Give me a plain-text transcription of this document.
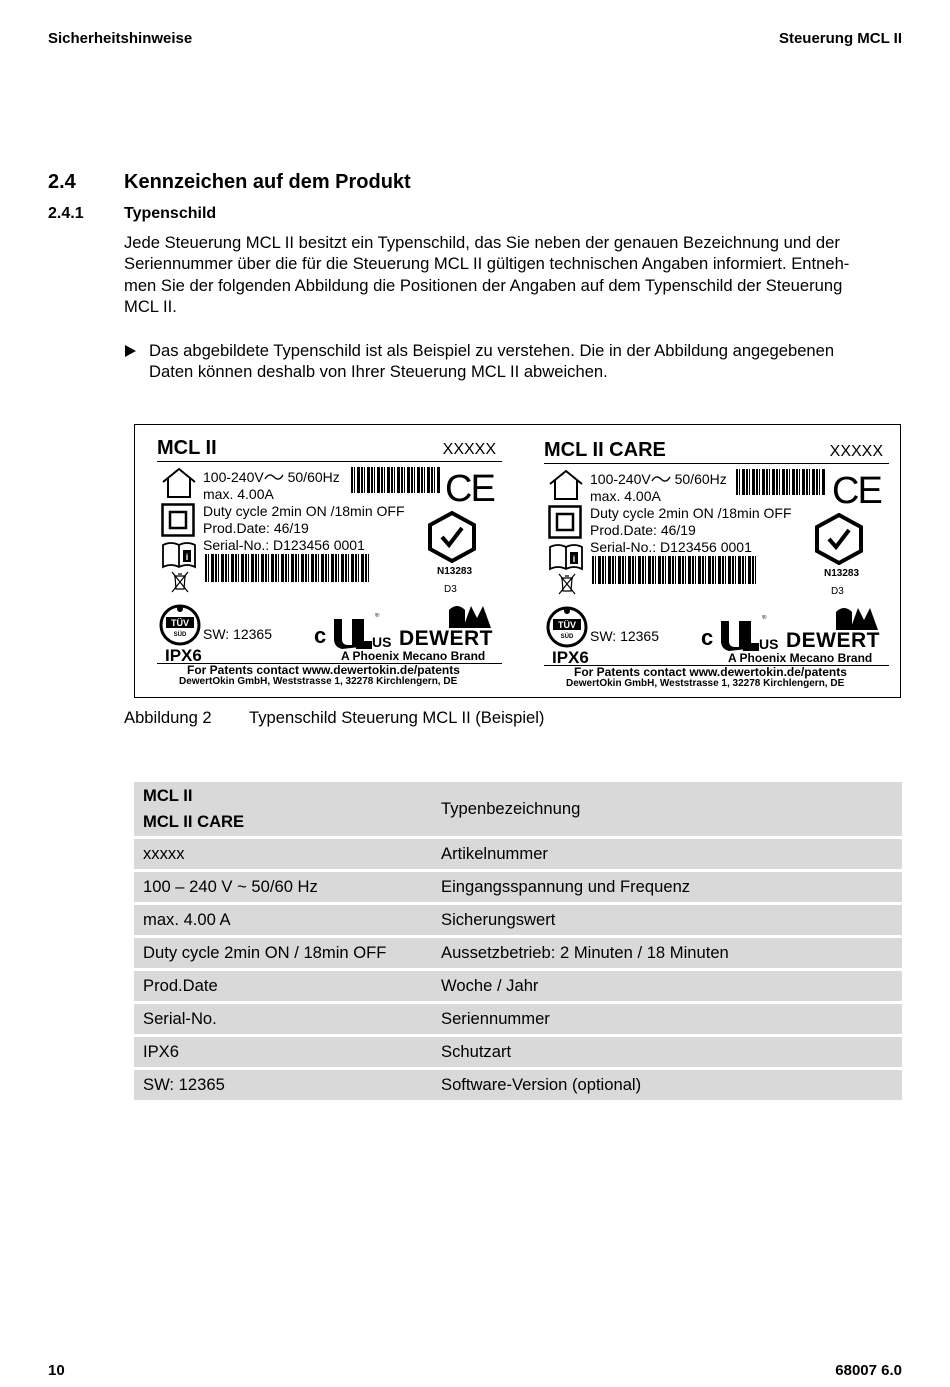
Sicherheitshinweise	Steuerung MCL II
2.4 Kennzeichen auf dem Produkt
2.4.1	Typenschild
Jede Steuerung MCL II besitzt ein Typenschild, das Sie neben der genauen Bezeichnung und der
Seriennummer über die für die Steuerung MCL II gültigen technischen Angaben informiert. Entneh-
men Sie der folgenden Abbildung die Positionen der Angaben auf dem Typenschild der Steuerung
MCL II.
Das abgebildete Typenschild ist als Beispiel zu verstehen. Die in der Abbildung angegebenen
Daten können deshalb von Ihrer Steuerung MCL II abweichen.
MCL II	XXXXX
i
100-240V 50/60Hz
max. 4.00A
Duty cycle 2min ON /18min OFF
Prod.Date: 46/19
Serial-No.: D123456 0001
CE
N13283
D3
TÜV
SÜD SW: 12365
IPX6
c
®
US DEWERT
A Phoenix Mecano Brand
For Patents contact www.dewertokin.de/patents
DewertOkin GmbH, Weststrasse 1, 32278 Kirchlengern, DE
MCL II CARE	XXXXX
i
100-240V 50/60Hz
max. 4.00A
Duty cycle 2min ON /18min OFF
Prod.Date: 46/19
Serial-No.: D123456 0001
CE
N13283
D3
TÜV
SÜD SW: 12365
IPX6
c
®
US DEWERT
A Phoenix Mecano Brand
For Patents contact www.dewertokin.de/patents
DewertOkin GmbH, Weststrasse 1, 32278 Kirchlengern, DE
Abbildung 2 Typenschild Steuerung MCL II (Beispiel)
MCL II
MCL II CARE	Typenbezeichnung
xxxxx	Artikelnummer
100 – 240 V ~ 50/60 Hz	Eingangsspannung und Frequenz
max. 4.00 A	Sicherungswert
Duty cycle 2min ON / 18min OFF	Aussetzbetrieb: 2 Minuten / 18 Minuten
Prod.Date	Woche / Jahr
Serial-No.	Seriennummer
IPX6	Schutzart
SW: 12365	Software-Version (optional)
10	68007 6.0
